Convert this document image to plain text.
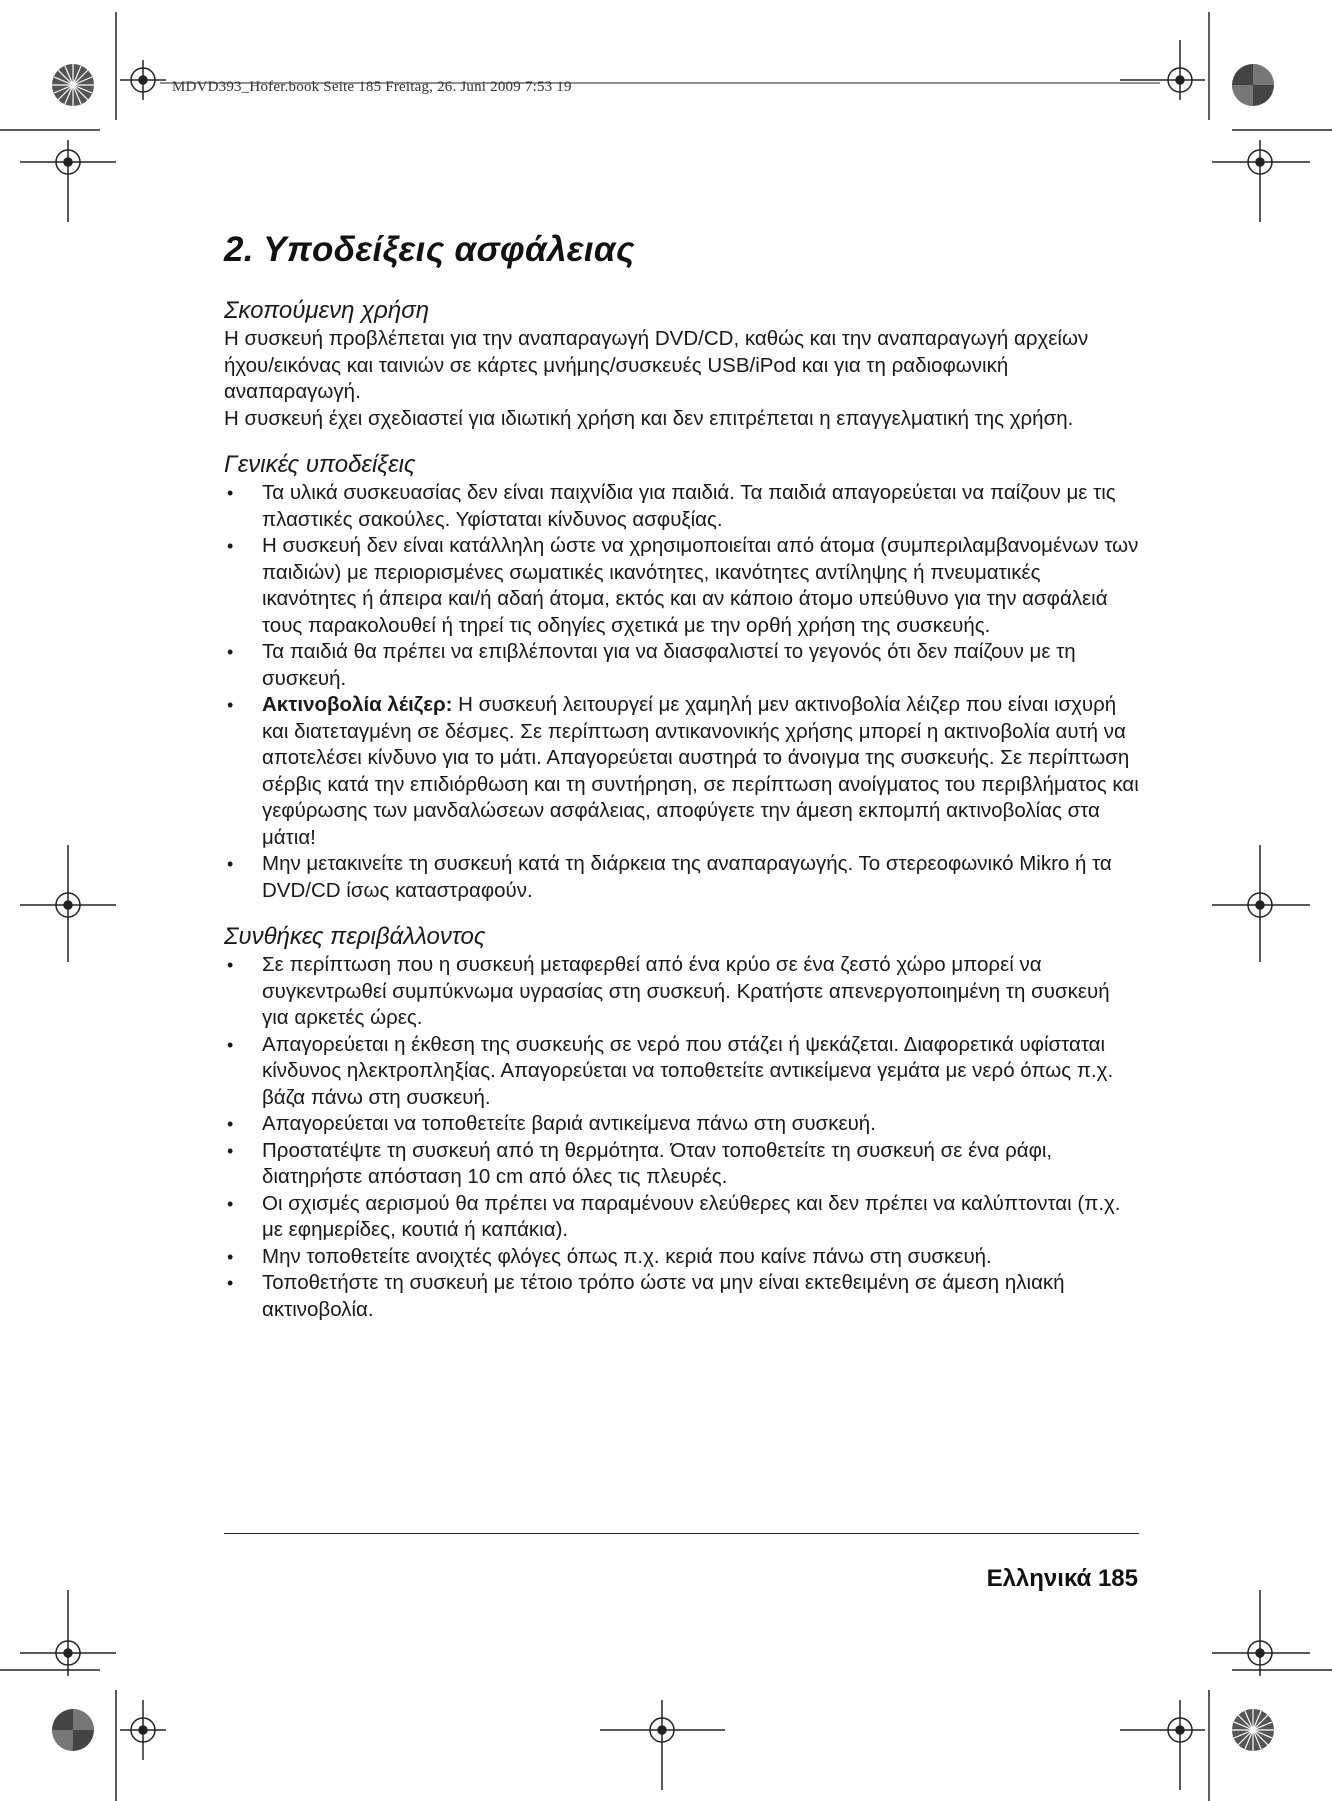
MDVD393_Hofer.book Seite 185 Freitag, 26. Juni 2009 7:53 19
2. Υποδείξεις ασφάλειας
Σκοπούμενη χρήση

Η συσκευή προβλέπεται για την αναπαραγωγή DVD/CD, καθώς και την αναπαραγωγή αρχείων ήχου/εικόνας και ταινιών σε κάρτες μνήμης/συσκευές USB/iPod και για τη ραδιοφωνική αναπαραγωγή.

Η συσκευή έχει σχεδιαστεί για ιδιωτική χρήση και δεν επιτρέπεται η επαγγελματική της χρήση.

Γενικές υποδείξεις
• Τα υλικά συσκευασίας δεν είναι παιχνίδια για παιδιά. Τα παιδιά απαγορεύεται να παίζουν με τις πλαστικές σακούλες. Υφίσταται κίνδυνος ασφυξίας.
• Η συσκευή δεν είναι κατάλληλη ώστε να χρησιμοποιείται από άτομα (συμπεριλαμβανομένων των παιδιών) με περιορισμένες σωματικές ικανότητες, ικανότητες αντίληψης ή πνευματικές ικανότητες ή άπειρα και/ή αδαή άτομα, εκτός και αν κάποιο άτομο υπεύθυνο για την ασφάλειά τους παρακολουθεί ή τηρεί τις οδηγίες σχετικά με την ορθή χρήση της συσκευής.
• Τα παιδιά θα πρέπει να επιβλέπονται για να διασφαλιστεί το γεγονός ότι δεν παίζουν με τη συσκευή.
• Ακτινοβολία λέιζερ: Η συσκευή λειτουργεί με χαμηλή μεν ακτινοβολία λέιζερ που είναι ισχυρή και διατεταγμένη σε δέσμες. Σε περίπτωση αντικανονικής χρήσης μπορεί η ακτινοβολία αυτή να αποτελέσει κίνδυνο για το μάτι. Απαγορεύεται αυστηρά το άνοιγμα της συσκευής. Σε περίπτωση σέρβις κατά την επιδιόρθωση και τη συντήρηση, σε περίπτωση ανοίγματος του περιβλήματος και γεφύρωσης των μανδαλώσεων ασφάλειας, αποφύγετε την άμεση εκπομπή ακτινοβολίας στα μάτια!
• Μην μετακινείτε τη συσκευή κατά τη διάρκεια της αναπαραγωγής. Το στερεοφωνικό Mikro ή τα DVD/CD ίσως καταστραφούν.
Συνθήκες περιβάλλοντος
• Σε περίπτωση που η συσκευή μεταφερθεί από ένα κρύο σε ένα ζεστό χώρο μπορεί να συγκεντρωθεί συμπύκνωμα υγρασίας στη συσκευή. Κρατήστε απενεργοποιημένη τη συσκευή για αρκετές ώρες.
• Απαγορεύεται η έκθεση της συσκευής σε νερό που στάζει ή ψεκάζεται. Διαφορετικά υφίσταται κίνδυνος ηλεκτροπληξίας. Απαγορεύεται να τοποθετείτε αντικείμενα γεμάτα με νερό όπως π.χ. βάζα πάνω στη συσκευή.
• Απαγορεύεται να τοποθετείτε βαριά αντικείμενα πάνω στη συσκευή.
• Προστατέψτε τη συσκευή από τη θερμότητα. Όταν τοποθετείτε τη συσκευή σε ένα ράφι, διατηρήστε απόσταση 10 cm από όλες τις πλευρές.
• Οι σχισμές αερισμού θα πρέπει να παραμένουν ελεύθερες και δεν πρέπει να καλύπτονται (π.χ. με εφημερίδες, κουτιά ή καπάκια).
• Μην τοποθετείτε ανοιχτές φλόγες όπως π.χ. κεριά που καίνε πάνω στη συσκευή.
• Τοποθετήστε τη συσκευή με τέτοιο τρόπο ώστε να μην είναι εκτεθειμένη σε άμεση ηλιακή ακτινοβολία.
Ελληνικά 185
